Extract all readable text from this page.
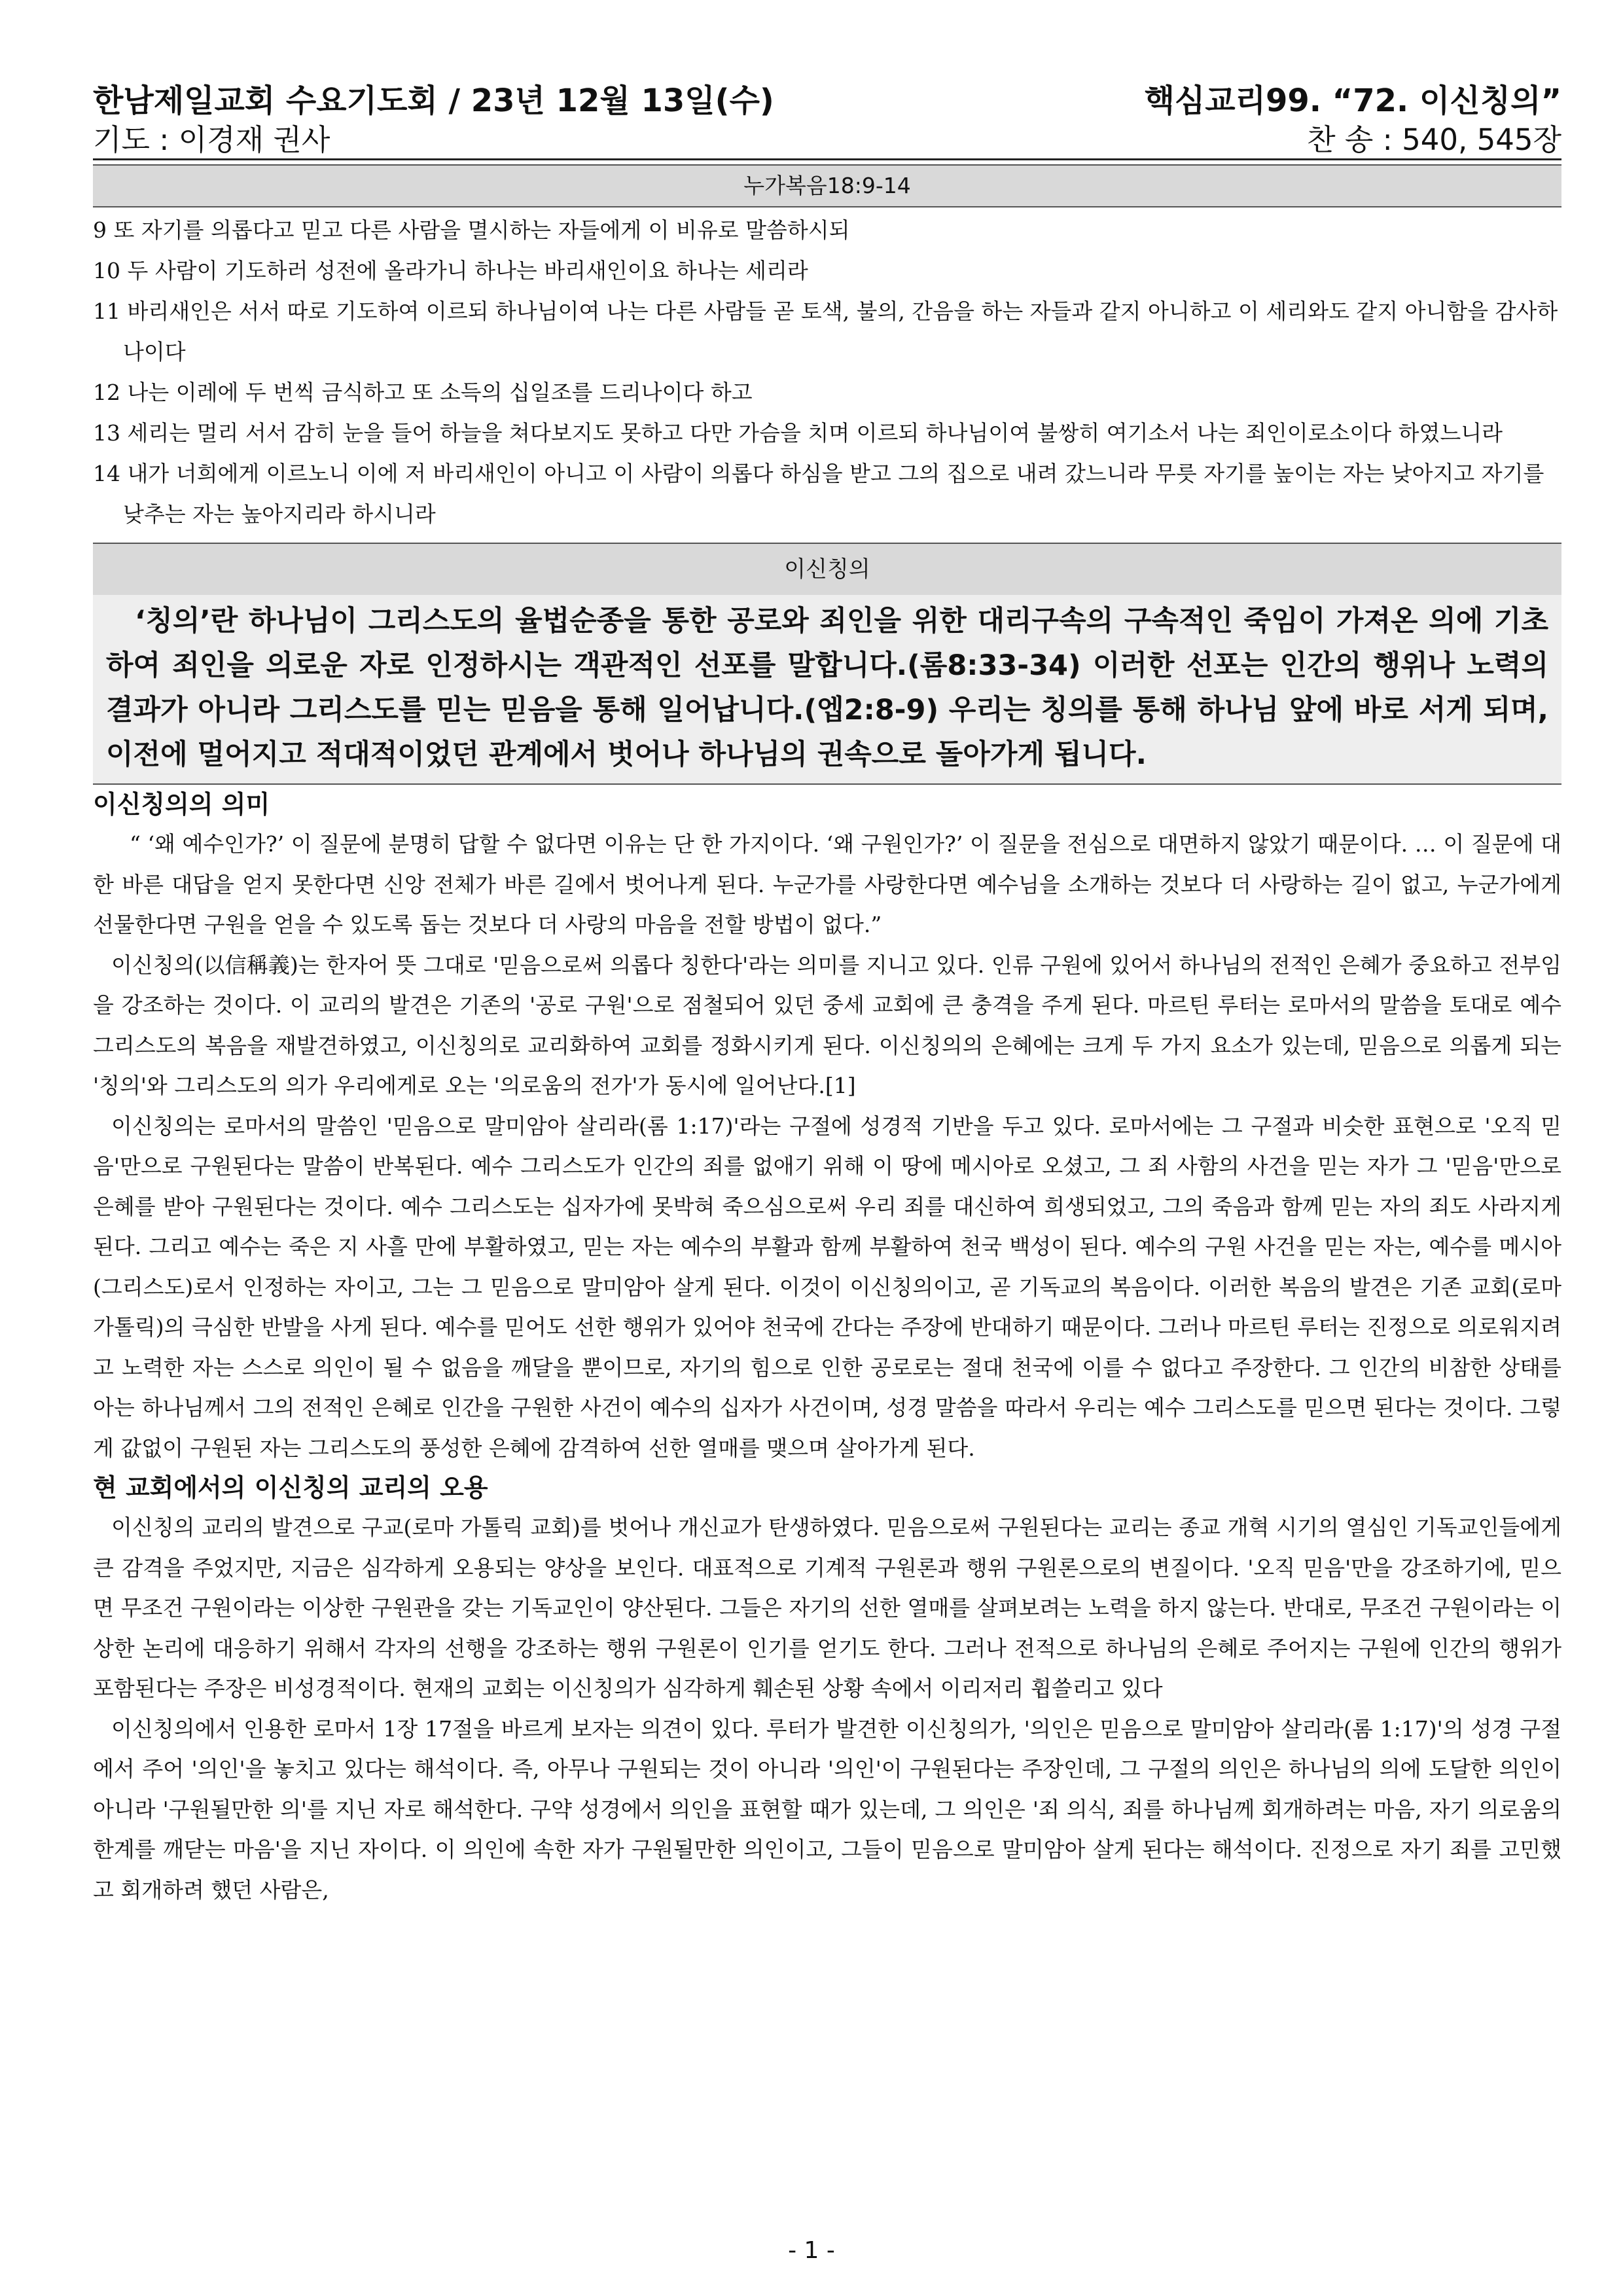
한남제일교회 수요기도회 / 23년 12월 13일(수)	핵심교리99. “72. 이신칭의”
기도 : 이경재 권사	찬 송 : 540, 545장
누가복음18:9-14
9 또 자기를 의롭다고 믿고 다른 사람을 멸시하는 자들에게 이 비유로 말씀하시되
10 두 사람이 기도하러 성전에 올라가니 하나는 바리새인이요 하나는 세리라
11 바리새인은 서서 따로 기도하여 이르되 하나님이여 나는 다른 사람들 곧 토색, 불의, 간음을 하는 자들과 같지 아니하고 이 세리와도 같지 아니함을 감사하나이다
12 나는 이레에 두 번씩 금식하고 또 소득의 십일조를 드리나이다 하고
13 세리는 멀리 서서 감히 눈을 들어 하늘을 쳐다보지도 못하고 다만 가슴을 치며 이르되 하나님이여 불쌍히 여기소서 나는 죄인이로소이다 하였느니라
14 내가 너희에게 이르노니 이에 저 바리새인이 아니고 이 사람이 의롭다 하심을 받고 그의 집으로 내려 갔느니라 무릇 자기를 높이는 자는 낮아지고 자기를 낮추는 자는 높아지리라 하시니라
이신칭의
‘칭의’란 하나님이 그리스도의 율법순종을 통한 공로와 죄인을 위한 대리구속의 구속적인 죽임이 가져온 의에 기초하여 죄인을 의로운 자로 인정하시는 객관적인 선포를 말합니다.(롬8:33-34) 이러한 선포는 인간의 행위나 노력의 결과가 아니라 그리스도를 믿는 믿음을 통해 일어납니다.(엡2:8-9) 우리는 칭의를 통해 하나님 앞에 바로 서게 되며, 이전에 멀어지고 적대적이었던 관계에서 벗어나 하나님의 권속으로 돌아가게 됩니다.
이신칭의의 의미

“ ‘왜 예수인가?’ 이 질문에 분명히 답할 수 없다면 이유는 단 한 가지이다. ‘왜 구원인가?’ 이 질문을 전심으로 대면하지 않았기 때문이다. … 이 질문에 대한 바른 대답을 얻지 못한다면 신앙 전체가 바른 길에서 벗어나게 된다. 누군가를 사랑한다면 예수님을 소개하는 것보다 더 사랑하는 길이 없고, 누군가에게 선물한다면 구원을 얻을 수 있도록 돕는 것보다 더 사랑의 마음을 전할 방법이 없다.”

이신칭의(以信稱義)는 한자어 뜻 그대로 '믿음으로써 의롭다 칭한다'라는 의미를 지니고 있다. 인류 구원에 있어서 하나님의 전적인 은혜가 중요하고 전부임을 강조하는 것이다. 이 교리의 발견은 기존의 '공로 구원'으로 점철되어 있던 중세 교회에 큰 충격을 주게 된다. 마르틴 루터는 로마서의 말씀을 토대로 예수 그리스도의 복음을 재발견하였고, 이신칭의로 교리화하여 교회를 정화시키게 된다. 이신칭의의 은혜에는 크게 두 가지 요소가 있는데, 믿음으로 의롭게 되는 '칭의'와 그리스도의 의가 우리에게로 오는 '의로움의 전가'가 동시에 일어난다.[1]

이신칭의는 로마서의 말씀인 '믿음으로 말미암아 살리라(롬 1:17)'라는 구절에 성경적 기반을 두고 있다. 로마서에는 그 구절과 비슷한 표현으로 '오직 믿음'만으로 구원된다는 말씀이 반복된다. 예수 그리스도가 인간의 죄를 없애기 위해 이 땅에 메시아로 오셨고, 그 죄 사함의 사건을 믿는 자가 그 '믿음'만으로 은혜를 받아 구원된다는 것이다. 예수 그리스도는 십자가에 못박혀 죽으심으로써 우리 죄를 대신하여 희생되었고, 그의 죽음과 함께 믿는 자의 죄도 사라지게 된다. 그리고 예수는 죽은 지 사흘 만에 부활하였고, 믿는 자는 예수의 부활과 함께 부활하여 천국 백성이 된다. 예수의 구원 사건을 믿는 자는, 예수를 메시아(그리스도)로서 인정하는 자이고, 그는 그 믿음으로 말미암아 살게 된다. 이것이 이신칭의이고, 곧 기독교의 복음이다. 이러한 복음의 발견은 기존 교회(로마 가톨릭)의 극심한 반발을 사게 된다. 예수를 믿어도 선한 행위가 있어야 천국에 간다는 주장에 반대하기 때문이다. 그러나 마르틴 루터는 진정으로 의로워지려고 노력한 자는 스스로 의인이 될 수 없음을 깨달을 뿐이므로, 자기의 힘으로 인한 공로로는 절대 천국에 이를 수 없다고 주장한다. 그 인간의 비참한 상태를 아는 하나님께서 그의 전적인 은혜로 인간을 구원한 사건이 예수의 십자가 사건이며, 성경 말씀을 따라서 우리는 예수 그리스도를 믿으면 된다는 것이다. 그렇게 값없이 구원된 자는 그리스도의 풍성한 은혜에 감격하여 선한 열매를 맺으며 살아가게 된다.

현 교회에서의 이신칭의 교리의 오용

이신칭의 교리의 발견으로 구교(로마 가톨릭 교회)를 벗어나 개신교가 탄생하였다. 믿음으로써 구원된다는 교리는 종교 개혁 시기의 열심인 기독교인들에게 큰 감격을 주었지만, 지금은 심각하게 오용되는 양상을 보인다. 대표적으로 기계적 구원론과 행위 구원론으로의 변질이다. '오직 믿음'만을 강조하기에, 믿으면 무조건 구원이라는 이상한 구원관을 갖는 기독교인이 양산된다. 그들은 자기의 선한 열매를 살펴보려는 노력을 하지 않는다. 반대로, 무조건 구원이라는 이상한 논리에 대응하기 위해서 각자의 선행을 강조하는 행위 구원론이 인기를 얻기도 한다. 그러나 전적으로 하나님의 은혜로 주어지는 구원에 인간의 행위가 포함된다는 주장은 비성경적이다. 현재의 교회는 이신칭의가 심각하게 훼손된 상황 속에서 이리저리 휩쓸리고 있다

이신칭의에서 인용한 로마서 1장 17절을 바르게 보자는 의견이 있다. 루터가 발견한 이신칭의가, '의인은 믿음으로 말미암아 살리라(롬 1:17)'의 성경 구절에서 주어 '의인'을 놓치고 있다는 해석이다. 즉, 아무나 구원되는 것이 아니라 '의인'이 구원된다는 주장인데, 그 구절의 의인은 하나님의 의에 도달한 의인이 아니라 '구원될만한 의'를 지닌 자로 해석한다. 구약 성경에서 의인을 표현할 때가 있는데, 그 의인은 '죄 의식, 죄를 하나님께 회개하려는 마음, 자기 의로움의 한계를 깨닫는 마음'을 지닌 자이다. 이 의인에 속한 자가 구원될만한 의인이고, 그들이 믿음으로 말미암아 살게 된다는 해석이다. 진정으로 자기 죄를 고민했고 회개하려 했던 사람은,

- 1 -
